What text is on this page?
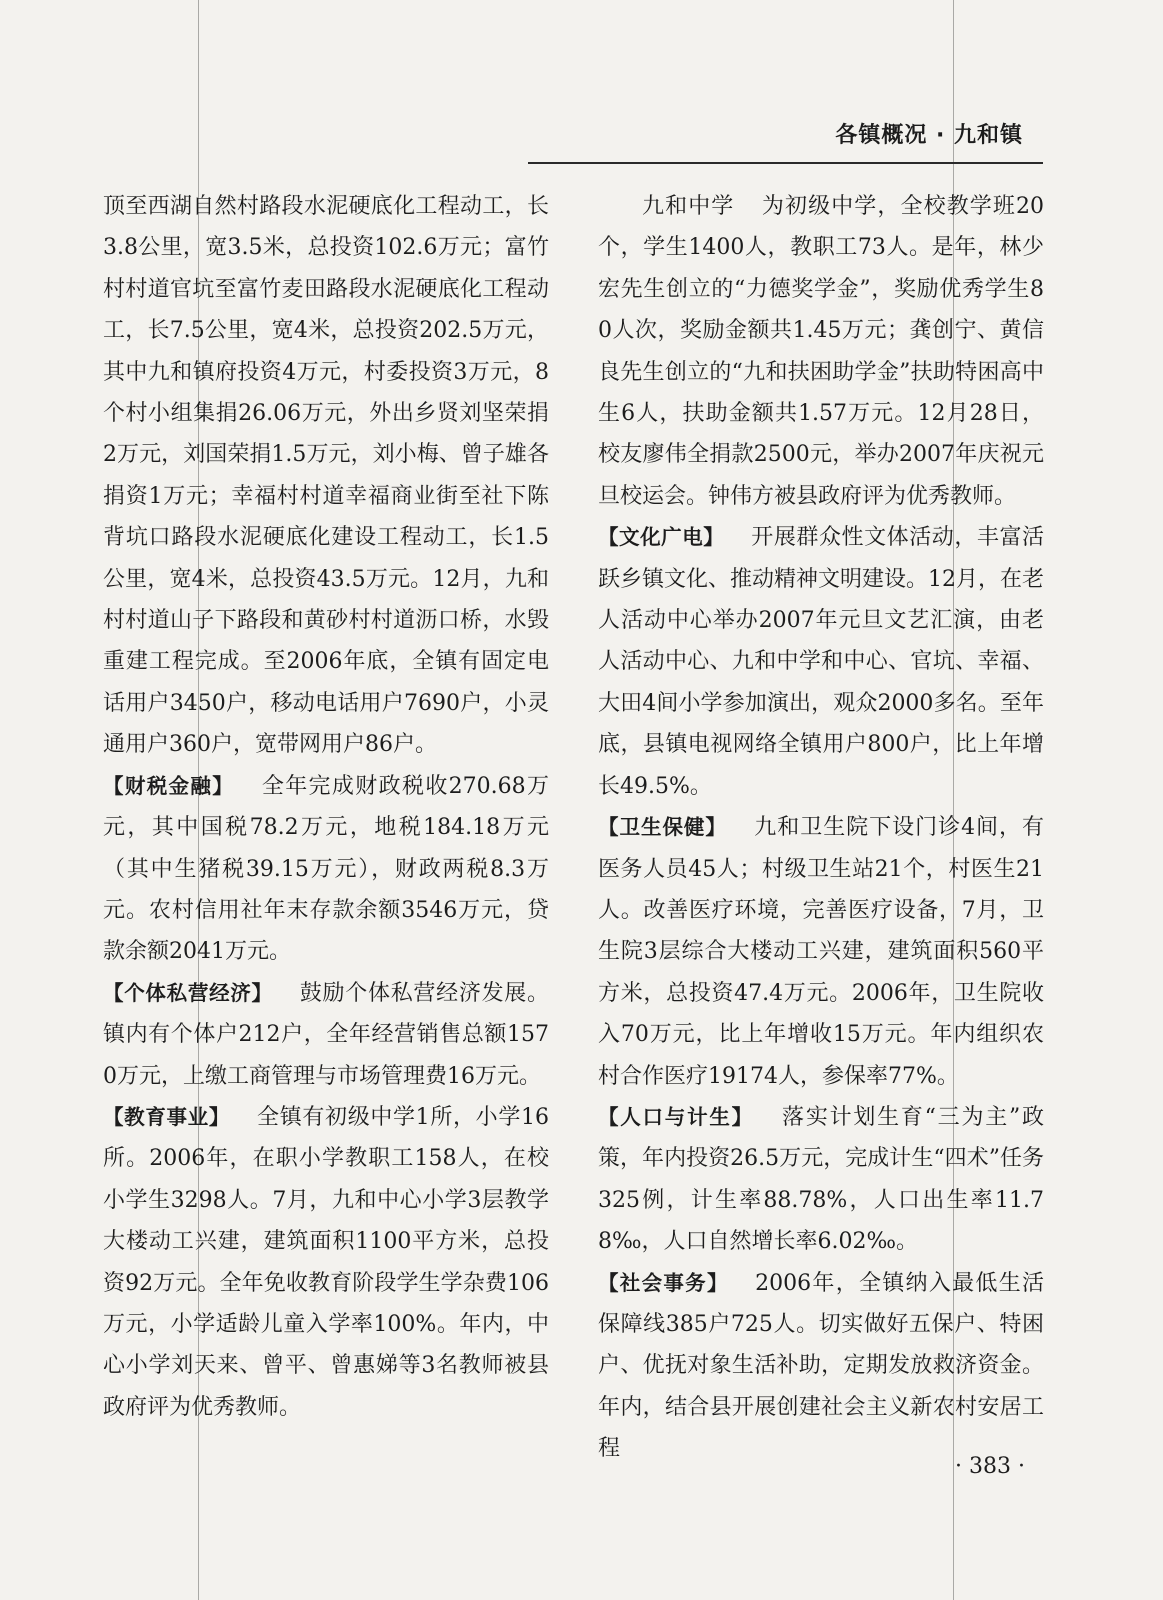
各镇概况 · 九和镇

顶至西湖自然村路段水泥硬底化工程动工，长3.8公里，宽3.5米，总投资102.6万元；富竹村村道官坑至富竹麦田路段水泥硬底化工程动工，长7.5公里，宽4米，总投资202.5万元，其中九和镇府投资4万元，村委投资3万元，8个村小组集捐26.06万元，外出乡贤刘坚荣捐2万元，刘国荣捐1.5万元，刘小梅、曾子雄各捐资1万元；幸福村村道幸福商业街至社下陈背坑口路段水泥硬底化建设工程动工，长1.5公里，宽4米，总投资43.5万元。12月，九和村村道山子下路段和黄砂村村道沥口桥，水毁重建工程完成。至2006年底，全镇有固定电话用户3450户，移动电话用户7690户，小灵通用户360户，宽带网用户86户。

【财税金融】 全年完成财政税收270.68万元，其中国税78.2万元，地税184.18万元（其中生猪税39.15万元），财政两税8.3万元。农村信用社年末存款余额3546万元，贷款余额2041万元。

【个体私营经济】 鼓励个体私营经济发展。镇内有个体户212户，全年经营销售总额1570万元，上缴工商管理与市场管理费16万元。

【教育事业】 全镇有初级中学1所，小学16所。2006年，在职小学教职工158人，在校小学生3298人。7月，九和中心小学3层教学大楼动工兴建，建筑面积1100平方米，总投资92万元。全年免收教育阶段学生学杂费106万元，小学适龄儿童入学率100%。年内，中心小学刘天来、曾平、曾惠娣等3名教师被县政府评为优秀教师。

九和中学 为初级中学，全校教学班20个，学生1400人，教职工73人。是年，林少宏先生创立的“力德奖学金”，奖励优秀学生80人次，奖励金额共1.45万元；龚创宁、黄信良先生创立的“九和扶困助学金”扶助特困高中生6人，扶助金额共1.57万元。12月28日，校友廖伟全捐款2500元，举办2007年庆祝元旦校运会。钟伟方被县政府评为优秀教师。

【文化广电】 开展群众性文体活动，丰富活跃乡镇文化、推动精神文明建设。12月，在老人活动中心举办2007年元旦文艺汇演，由老人活动中心、九和中学和中心、官坑、幸福、大田4间小学参加演出，观众2000多名。至年底，县镇电视网络全镇用户800户，比上年增长49.5%。

【卫生保健】 九和卫生院下设门诊4间，有医务人员45人；村级卫生站21个，村医生21人。改善医疗环境，完善医疗设备，7月，卫生院3层综合大楼动工兴建，建筑面积560平方米，总投资47.4万元。2006年，卫生院收入70万元，比上年增收15万元。年内组织农村合作医疗19174人，参保率77%。

【人口与计生】 落实计划生育“三为主”政策，年内投资26.5万元，完成计生“四术”任务325例，计生率88.78%，人口出生率11.78‰，人口自然增长率6.02‰。

【社会事务】 2006年，全镇纳入最低生活保障线385户725人。切实做好五保户、特困户、优抚对象生活补助，定期发放救济资金。年内，结合县开展创建社会主义新农村安居工程

· 383 ·
